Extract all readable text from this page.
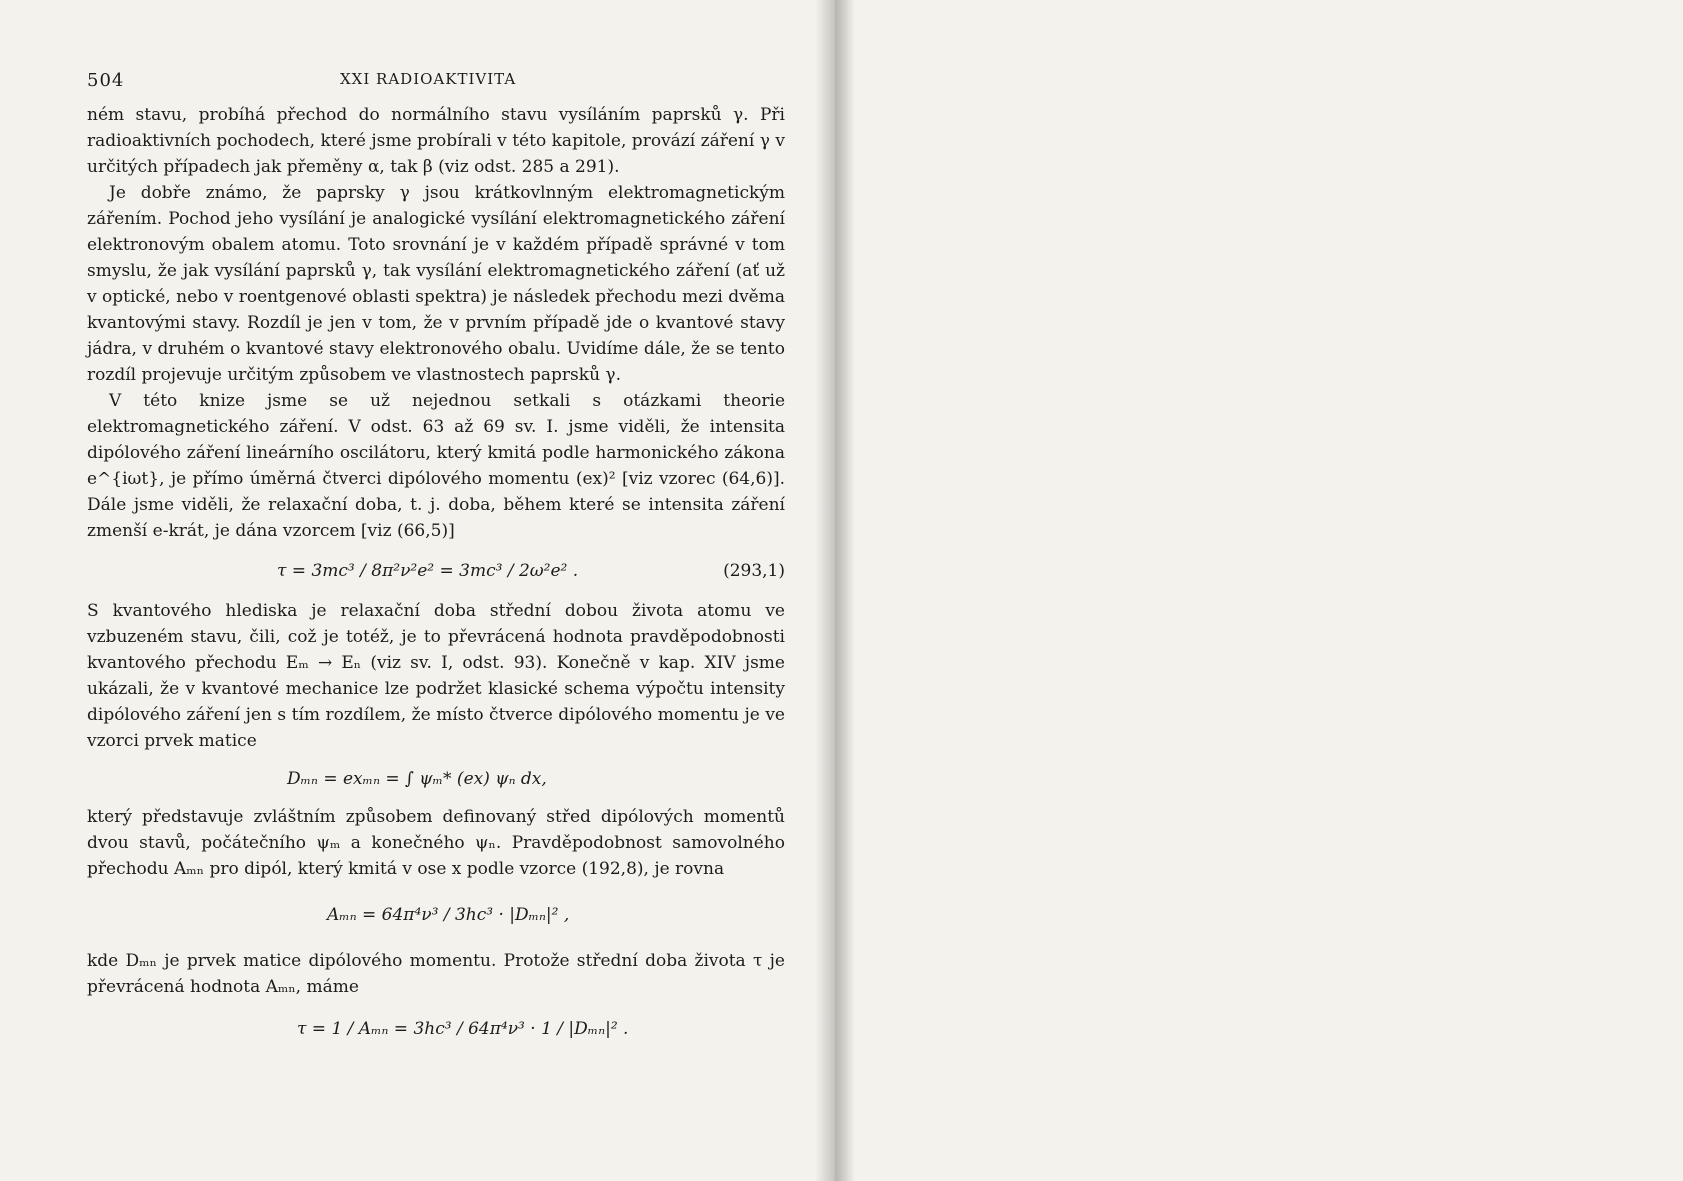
504	XXI RADIOAKTIVITA

ném stavu, probíhá přechod do normálního stavu vysíláním paprsků γ. Při radioaktivních pochodech, které jsme probírali v této kapitole, provází záření γ v určitých případech jak přeměny α, tak β (viz odst. 285 a 291).

Je dobře známo, že paprsky γ jsou krátkovlnným elektromagnetickým zářením. Pochod jeho vysílání je analogické vysílání elektromagnetického záření elektronovým obalem atomu. Toto srovnání je v každém případě správné v tom smyslu, že jak vysílání paprsků γ, tak vysílání elektromagnetického záření (ať už v optické, nebo v roentgenové oblasti spektra) je následek přechodu mezi dvěma kvantovými stavy. Rozdíl je jen v tom, že v prvním případě jde o kvantové stavy jádra, v druhém o kvantové stavy elektronového obalu. Uvidíme dále, že se tento rozdíl projevuje určitým způsobem ve vlastnostech paprsků γ.

V této knize jsme se už nejednou setkali s otázkami theorie elektromagnetického záření. V odst. 63 až 69 sv. I. jsme viděli, že intensita dipólového záření lineárního oscilátoru, který kmitá podle harmonického zákona e^{iωt}, je přímo úměrná čtverci dipólového momentu (ex)² [viz vzorec (64,6)]. Dále jsme viděli, že relaxační doba, t. j. doba, během které se intensita záření zmenší e-krát, je dána vzorcem [viz (66,5)]

τ = 3mc³ / 8π²ν²e² = 3mc³ / 2ω²e² .	(293,1)

S kvantového hlediska je relaxační doba střední dobou života atomu ve vzbuzeném stavu, čili, což je totéž, je to převrácená hodnota pravděpodobnosti kvantového přechodu Eₘ → Eₙ (viz sv. I, odst. 93). Konečně v kap. XIV jsme ukázali, že v kvantové mechanice lze podržet klasické schema výpočtu intensity dipólového záření jen s tím rozdílem, že místo čtverce dipólového momentu je ve vzorci prvek matice

Dₘₙ = exₘₙ = ∫ ψₘ* (ex) ψₙ dx,

který představuje zvláštním způsobem definovaný střed dipólových momentů dvou stavů, počátečního ψₘ a konečného ψₙ. Pravděpodobnost samovolného přechodu Aₘₙ pro dipól, který kmitá v ose x podle vzorce (192,8), je rovna

Aₘₙ = 64π⁴ν³ / 3hc³ · |Dₘₙ|² ,

kde Dₘₙ je prvek matice dipólového momentu. Protože střední doba života τ je převrácená hodnota Aₘₙ, máme

τ = 1 / Aₘₙ = 3hc³ / 64π⁴ν³ · 1 / |Dₘₙ|² .
